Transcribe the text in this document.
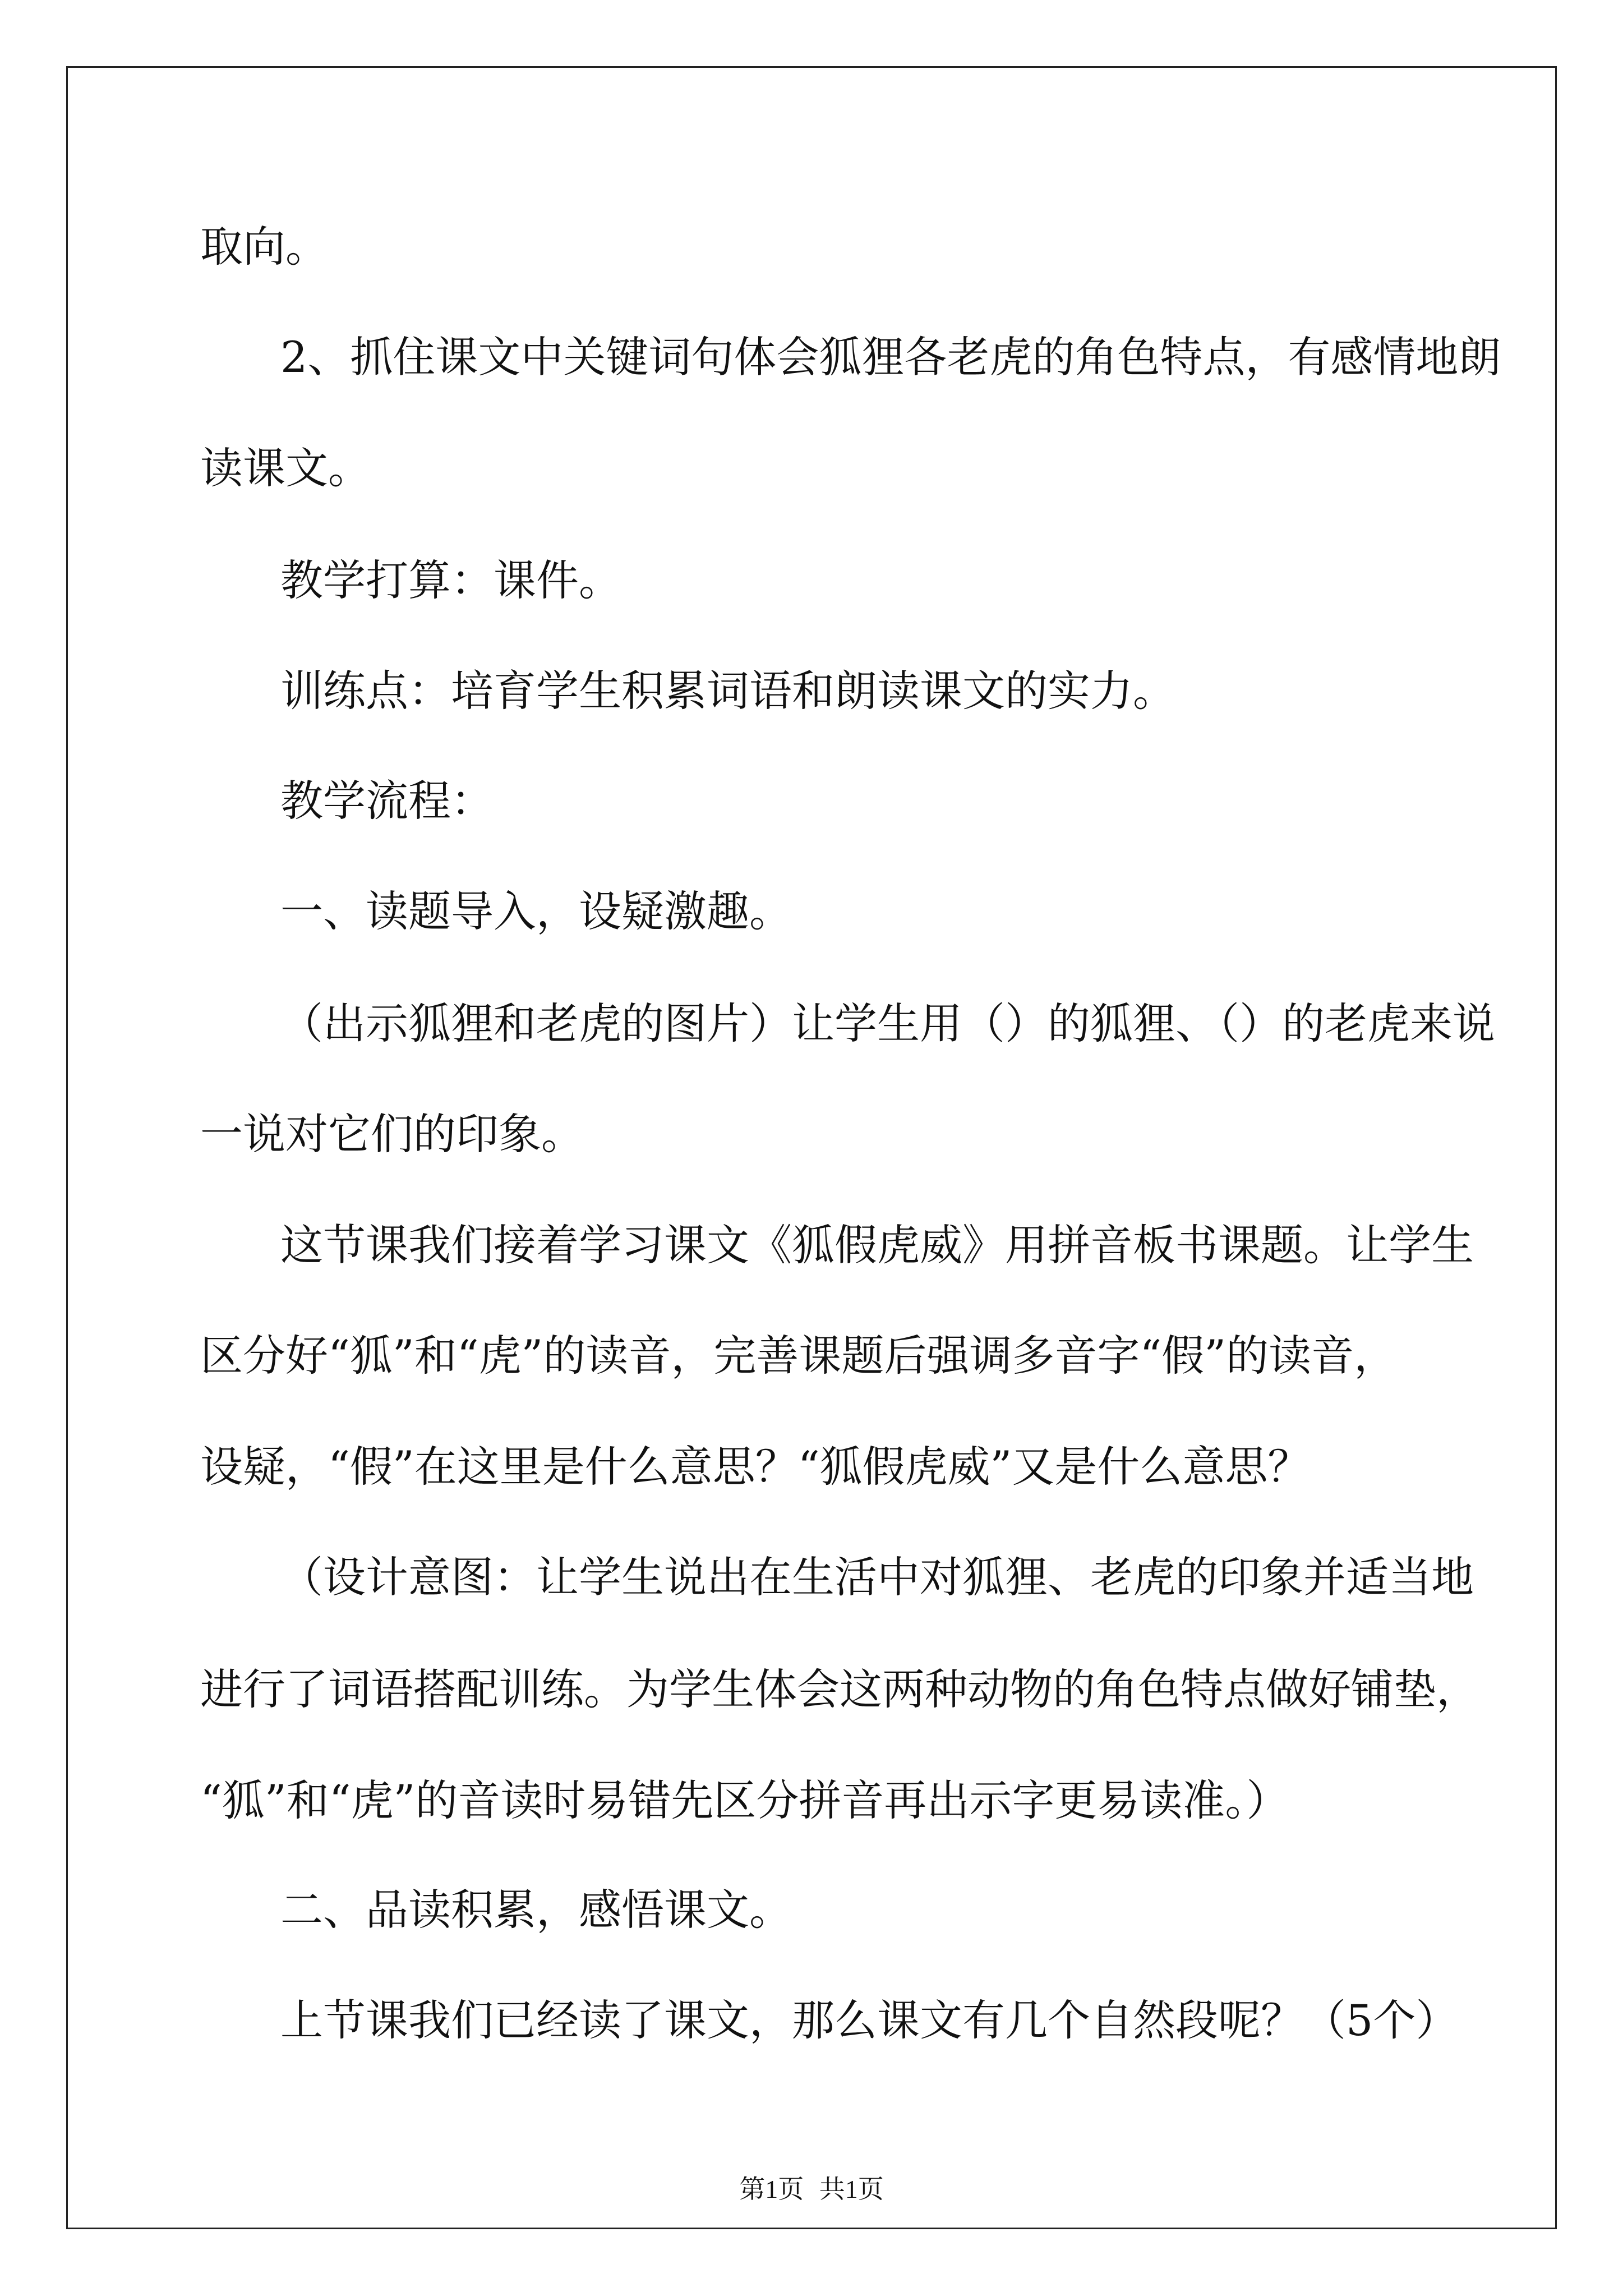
取向。
2、抓住课文中关键词句体会狐狸各老虎的角色特点，有感情地朗
读课文。
教学打算：课件。
训练点：培育学生积累词语和朗读课文的实力。
教学流程：
一、读题导入，设疑激趣。
（出示狐狸和老虎的图片）让学生用（）的狐狸、（）的老虎来说
一说对它们的印象。
这节课我们接着学习课文《狐假虎威》用拼音板书课题。让学生
区分好“狐”和“虎”的读音，完善课题后强调多音字“假”的读音，
设疑，“假”在这里是什么意思？“狐假虎威”又是什么意思？
（设计意图：让学生说出在生活中对狐狸、老虎的印象并适当地
进行了词语搭配训练。为学生体会这两种动物的角色特点做好铺垫，
“狐”和“虎”的音读时易错先区分拼音再出示字更易读准。）
二、品读积累，感悟课文。
上节课我们已经读了课文，那么课文有几个自然段呢？（5个）
第1页 共1页
